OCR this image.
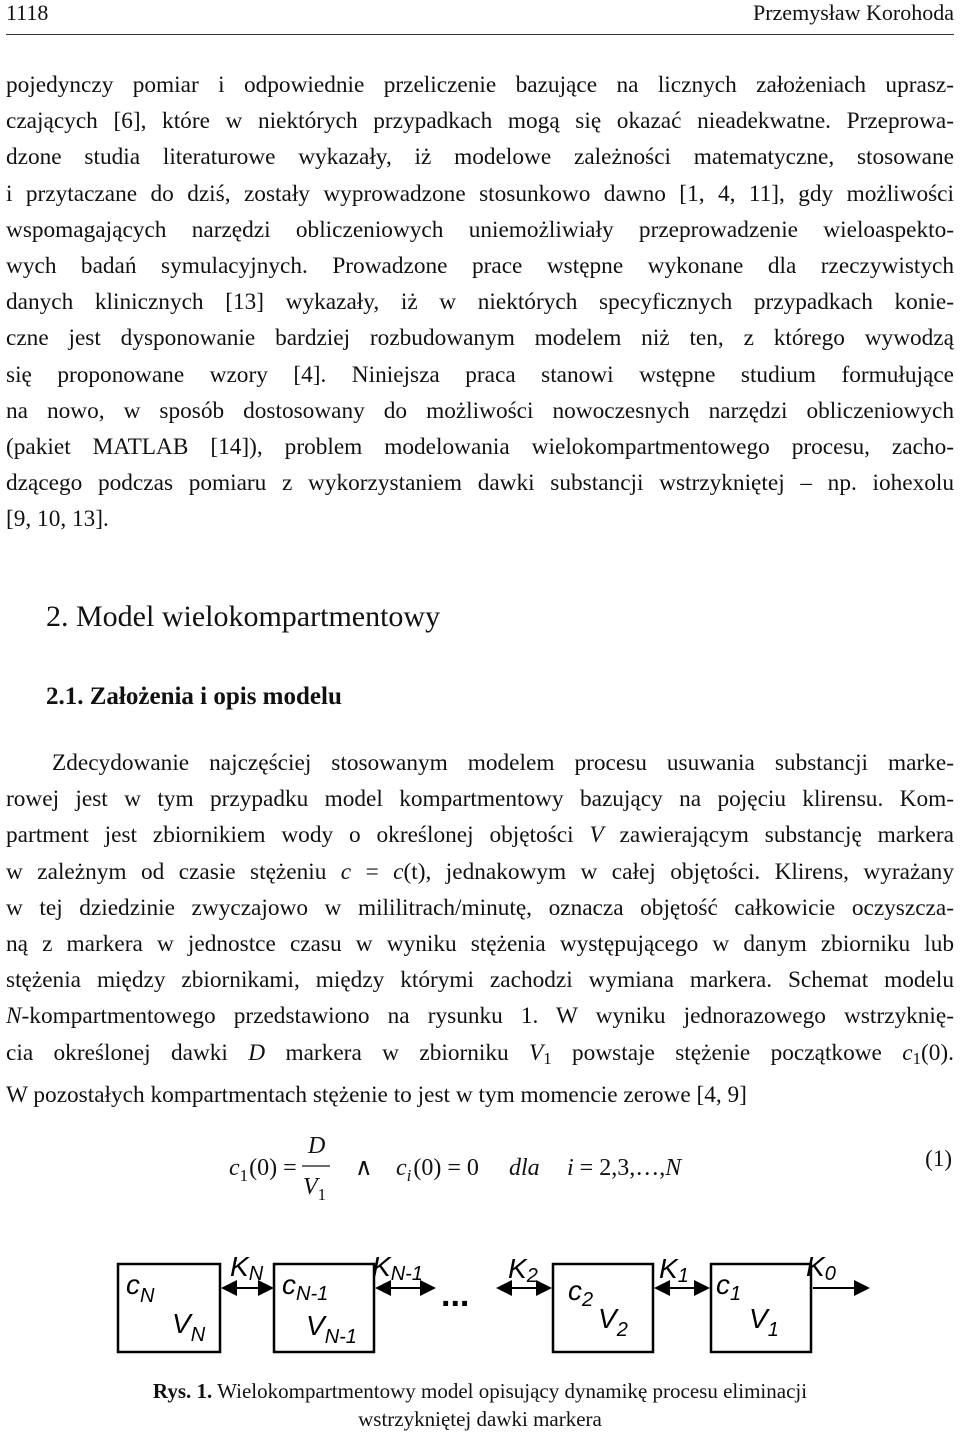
1118	Przemysław Korohoda
pojedynczy pomiar i odpowiednie przeliczenie bazujące na licznych założeniach uprasz-
czających [6], które w niektórych przypadkach mogą się okazać nieadekwatne. Przeprowa-
dzone studia literaturowe wykazały, iż modelowe zależności matematyczne, stosowane
i przytaczane do dziś, zostały wyprowadzone stosunkowo dawno [1, 4, 11], gdy możliwości
wspomagających narzędzi obliczeniowych uniemożliwiały przeprowadzenie wieloaspekto-
wych badań symulacyjnych. Prowadzone prace wstępne wykonane dla rzeczywistych
danych klinicznych [13] wykazały, iż w niektórych specyficznych przypadkach konie-
czne jest dysponowanie bardziej rozbudowanym modelem niż ten, z którego wywodzą
się proponowane wzory [4]. Niniejsza praca stanowi wstępne studium formułujące
na nowo, w sposób dostosowany do możliwości nowoczesnych narzędzi obliczeniowych
(pakiet MATLAB [14]), problem modelowania wielokompartmentowego procesu, zacho-
dzącego podczas pomiaru z wykorzystaniem dawki substancji wstrzykniętej – np. iohexolu
[9, 10, 13].
2. Model wielokompartmentowy
2.1. Założenia i opis modelu
Zdecydowanie najczęściej stosowanym modelem procesu usuwania substancji marke-
rowej jest w tym przypadku model kompartmentowy bazujący na pojęciu klirensu. Kom-
partment jest zbiornikiem wody o określonej objętości V zawierającym substancję markera
w zależnym od czasie stężeniu c = c(t), jednakowym w całej objętości. Klirens, wyrażany
w tej dziedzinie zwyczajowo w mililitrach/minutę, oznacza objętość całkowicie oczyszcza-
ną z markera w jednostce czasu w wyniku stężenia występującego w danym zbiorniku lub
stężenia między zbiornikami, między którymi zachodzi wymiana markera. Schemat modelu
N-kompartmentowego przedstawiono na rysunku 1. W wyniku jednorazowego wstrzyknię-
cia określonej dawki D markera w zbiorniku $V_1$ powstaje stężenie początkowe $c_1(0)$.
W pozostałych kompartmentach stężenie to jest w tym momencie zerowe [4, 9]
$c_1(0)$ =
D
$V_1$
∧ $c_i(0) = 0$ dla i = 2,3,…,N	(1)
$c_N$
$V_N$
KN $c_{N-1}$
$V_{N-1}$
KN-1
...
K2 $c_2$
$V_2$
K1 $c_1$
$V_1$
K0
Rys. 1. Wielokompartmentowy model opisujący dynamikę procesu eliminacji
wstrzykniętej dawki markera
